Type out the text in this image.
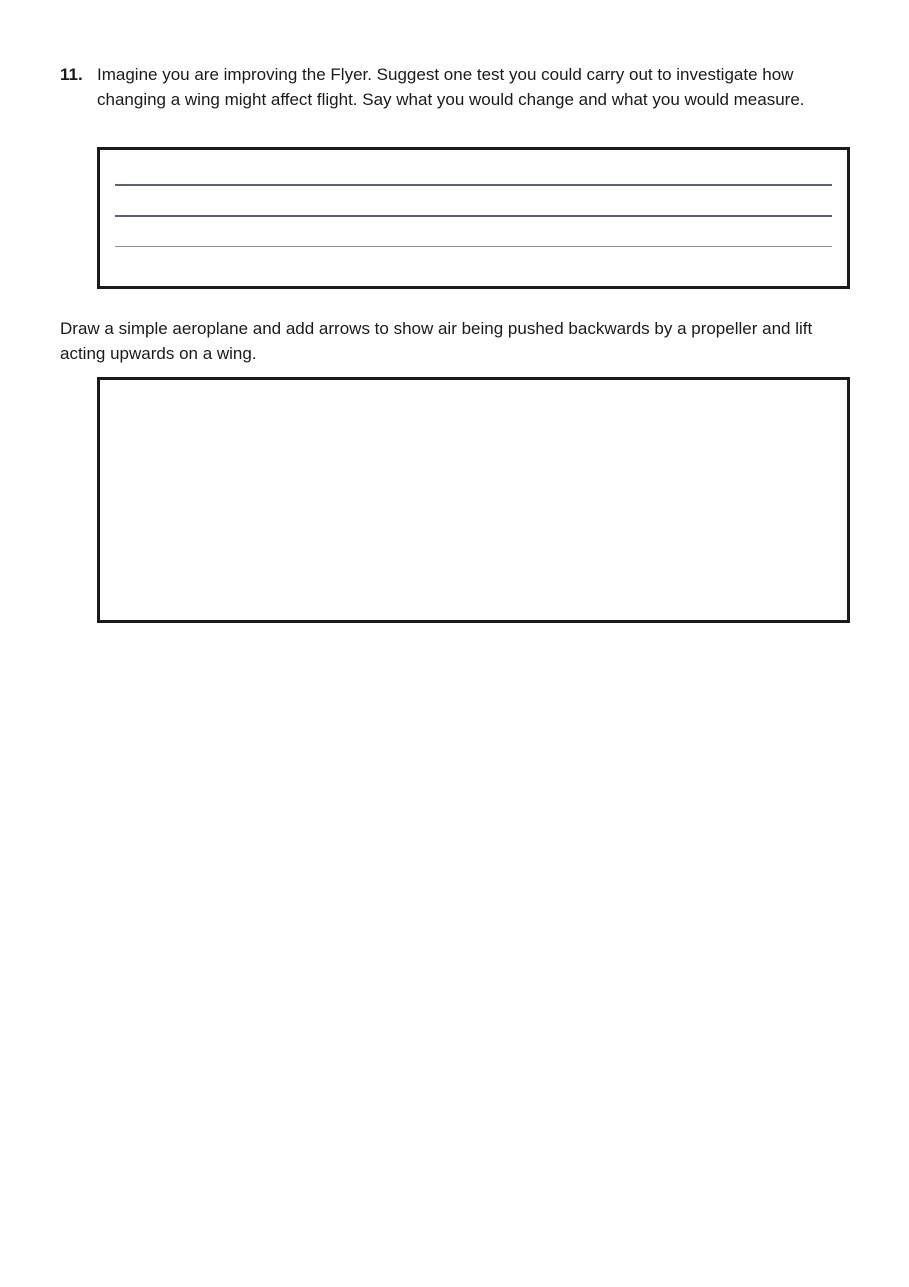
11. Imagine you are improving the Flyer. Suggest one test you could carry out to investigate how changing a wing might affect flight. Say what you would change and what you would measure.
Draw a simple aeroplane and add arrows to show air being pushed backwards by a propeller and lift acting upwards on a wing.
